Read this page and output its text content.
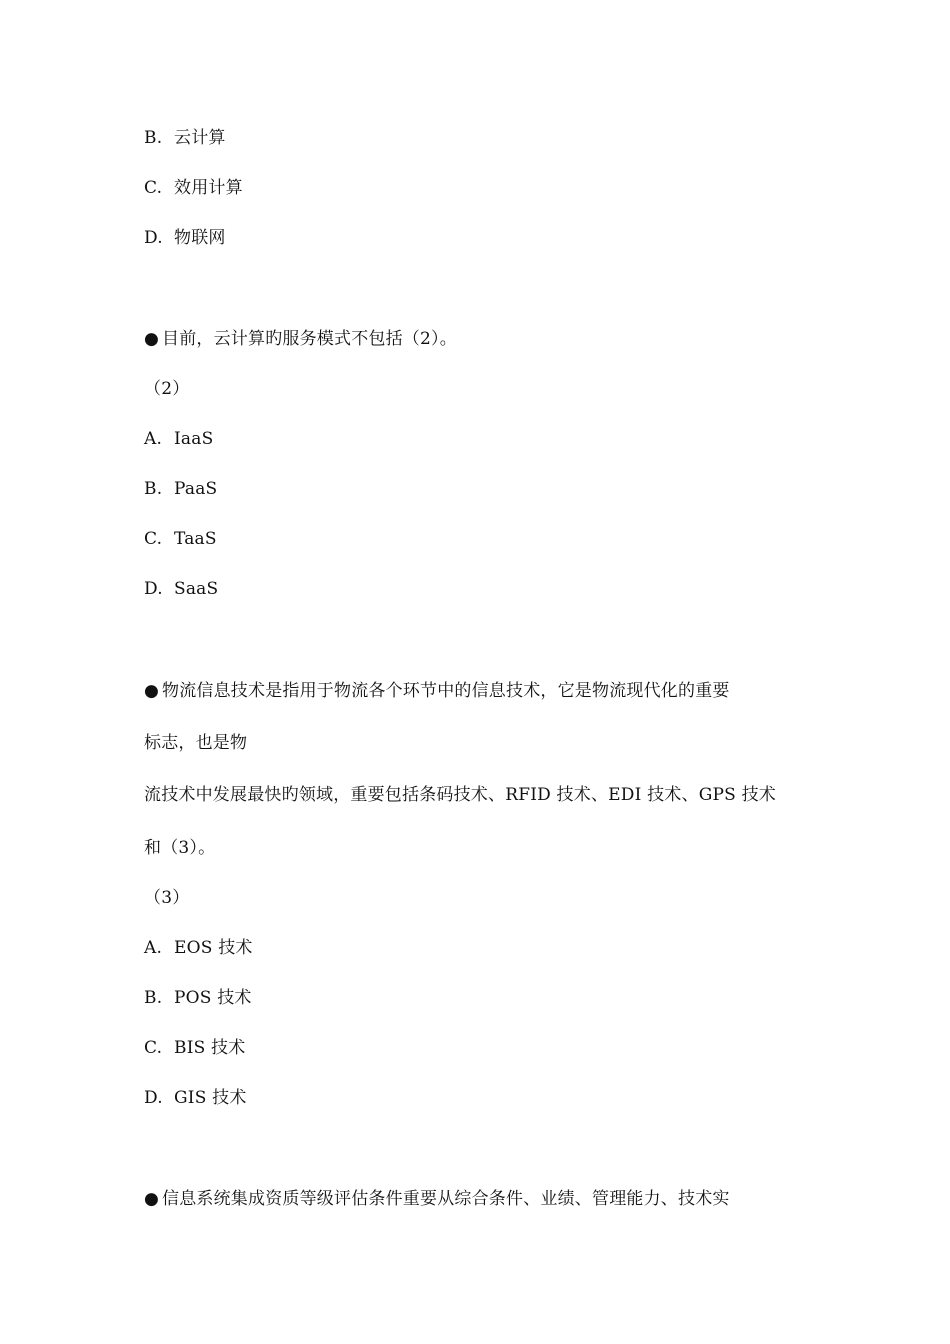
B. 云计算
C. 效用计算
D. 物联网
● 目前，云计算旳服务模式不包括（2）。
（2）
A. IaaS
B. PaaS
C. TaaS
D. SaaS
● 物流信息技术是指用于物流各个环节中的信息技术，它是物流现代化的重要
标志，也是物
流技术中发展最快旳领域，重要包括条码技术、RFID 技术、EDI 技术、GPS 技术
和（3）。
（3）
A. EOS 技术
B. POS 技术
C. BIS 技术
D. GIS 技术
● 信息系统集成资质等级评估条件重要从综合条件、业绩、管理能力、技术实
